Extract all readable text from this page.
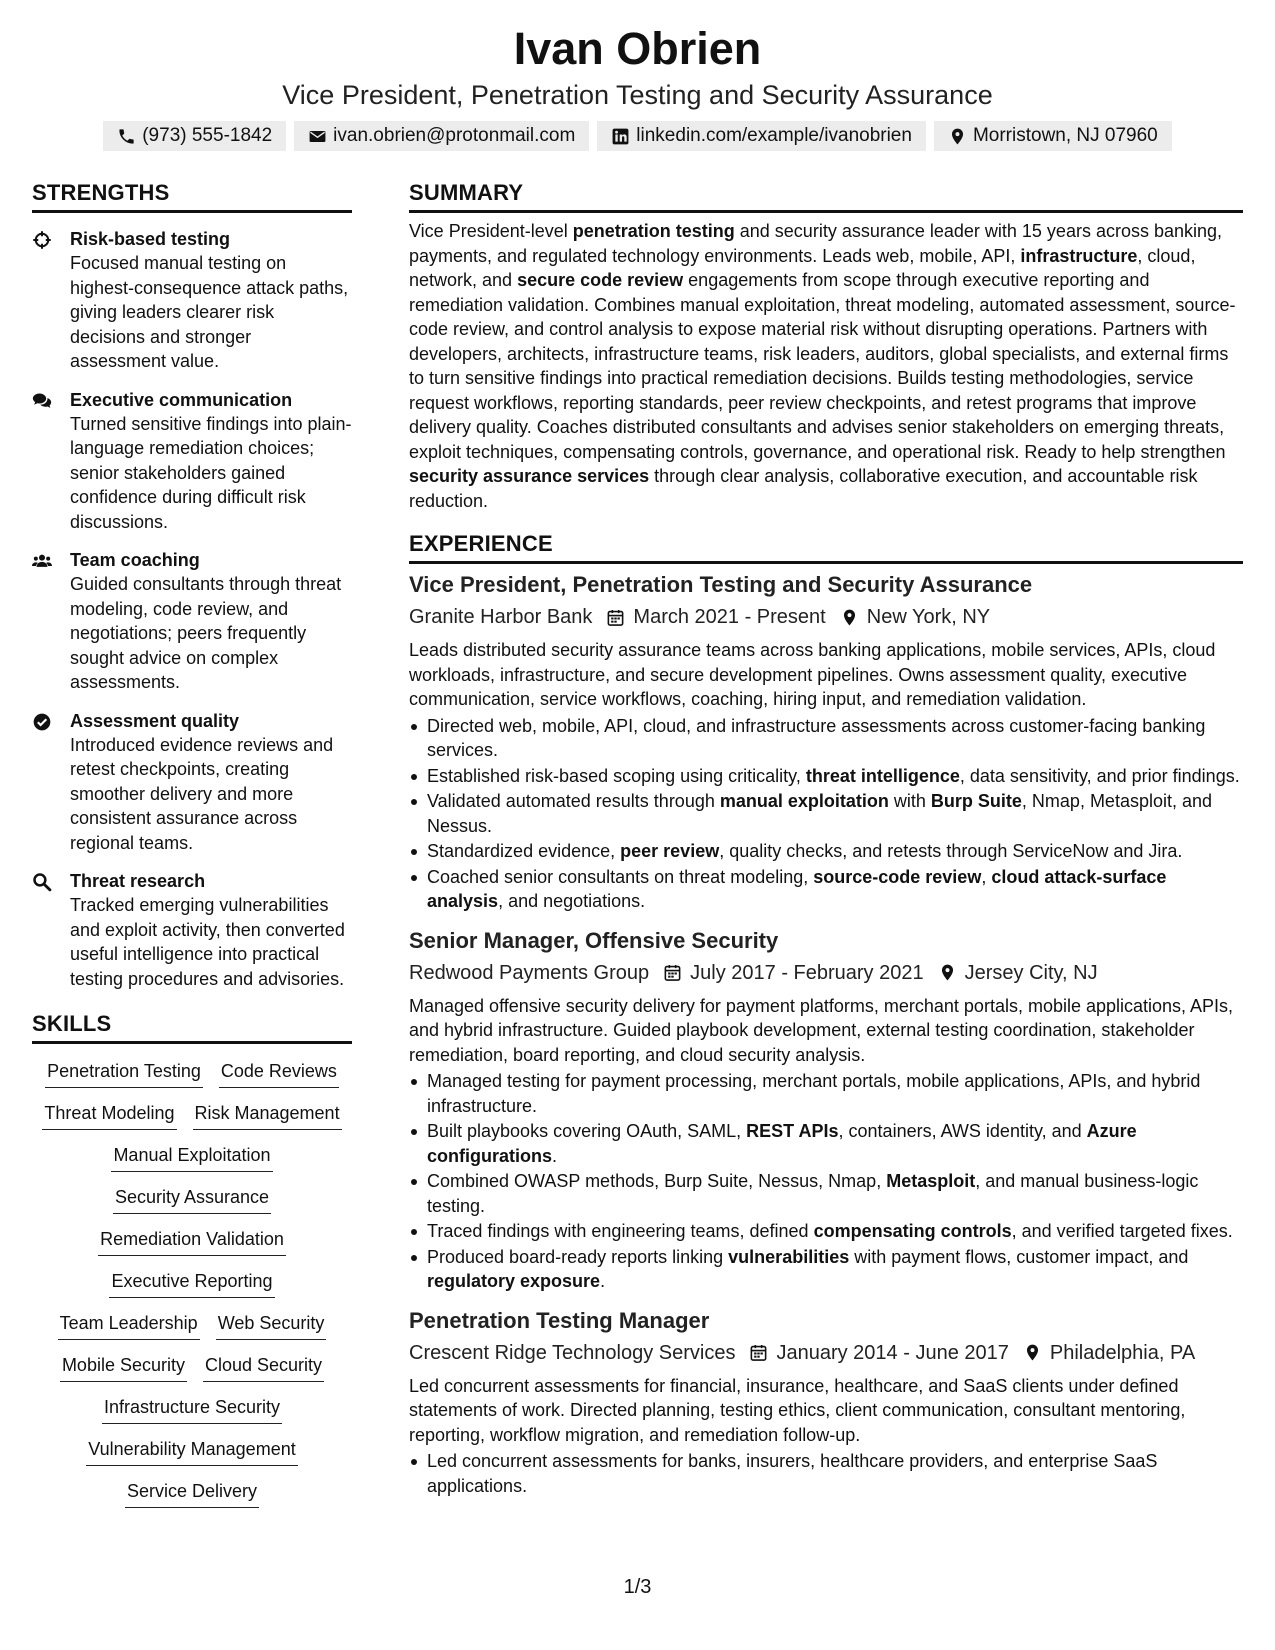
Ivan Obrien
Vice President, Penetration Testing and Security Assurance
(973) 555-1842	ivan.obrien@protonmail.com	linkedin.com/example/ivanobrien	Morristown, NJ 07960
STRENGTHS
Risk-based testing
Focused manual testing on highest-consequence attack paths, giving leaders clearer risk decisions and stronger assessment value.
Executive communication
Turned sensitive findings into plain-language remediation choices; senior stakeholders gained confidence during difficult risk discussions.
Team coaching
Guided consultants through threat modeling, code review, and negotiations; peers frequently sought advice on complex assessments.
Assessment quality
Introduced evidence reviews and retest checkpoints, creating smoother delivery and more consistent assurance across regional teams.
Threat research
Tracked emerging vulnerabilities and exploit activity, then converted useful intelligence into practical testing procedures and advisories.
SKILLS
Penetration Testing Code Reviews
Threat Modeling Risk Management
Manual Exploitation
Security Assurance
Remediation Validation
Executive Reporting
Team Leadership Web Security
Mobile Security Cloud Security
Infrastructure Security
Vulnerability Management
Service Delivery
SUMMARY

Vice President-level penetration testing and security assurance leader with 15 years across banking, payments, and regulated technology environments. Leads web, mobile, API, infrastructure, cloud, network, and secure code review engagements from scope through executive reporting and remediation validation. Combines manual exploitation, threat modeling, automated assessment, source-code review, and control analysis to expose material risk without disrupting operations. Partners with developers, architects, infrastructure teams, risk leaders, auditors, global specialists, and external firms to turn sensitive findings into practical remediation decisions. Builds testing methodologies, service request workflows, reporting standards, peer review checkpoints, and retest programs that improve delivery quality. Coaches distributed consultants and advises senior stakeholders on emerging threats, exploit techniques, compensating controls, governance, and operational risk. Ready to help strengthen security assurance services through clear analysis, collaborative execution, and accountable risk reduction.

EXPERIENCE
Vice President, Penetration Testing and Security Assurance
Granite Harbor Bank March 2021 - Present New York, NY

Leads distributed security assurance teams across banking applications, mobile services, APIs, cloud workloads, infrastructure, and secure development pipelines. Owns assessment quality, executive communication, service workflows, coaching, hiring input, and remediation validation.

Directed web, mobile, API, cloud, and infrastructure assessments across customer-facing banking services.
Established risk-based scoping using criticality, threat intelligence, data sensitivity, and prior findings.
Validated automated results through manual exploitation with Burp Suite, Nmap, Metasploit, and Nessus.
Standardized evidence, peer review, quality checks, and retests through ServiceNow and Jira.
Coached senior consultants on threat modeling, source-code review, cloud attack-surface analysis, and negotiations.
Senior Manager, Offensive Security
Redwood Payments Group July 2017 - February 2021 Jersey City, NJ

Managed offensive security delivery for payment platforms, merchant portals, mobile applications, APIs, and hybrid infrastructure. Guided playbook development, external testing coordination, stakeholder remediation, board reporting, and cloud security analysis.

Managed testing for payment processing, merchant portals, mobile applications, APIs, and hybrid infrastructure.
Built playbooks covering OAuth, SAML, REST APIs, containers, AWS identity, and Azure configurations.
Combined OWASP methods, Burp Suite, Nessus, Nmap, Metasploit, and manual business-logic testing.
Traced findings with engineering teams, defined compensating controls, and verified targeted fixes.
Produced board-ready reports linking vulnerabilities with payment flows, customer impact, and regulatory exposure.
Penetration Testing Manager
Crescent Ridge Technology Services January 2014 - June 2017 Philadelphia, PA

Led concurrent assessments for financial, insurance, healthcare, and SaaS clients under defined statements of work. Directed planning, testing ethics, client communication, consultant mentoring, reporting, workflow migration, and remediation follow-up.

Led concurrent assessments for banks, insurers, healthcare providers, and enterprise SaaS applications.
1/3
